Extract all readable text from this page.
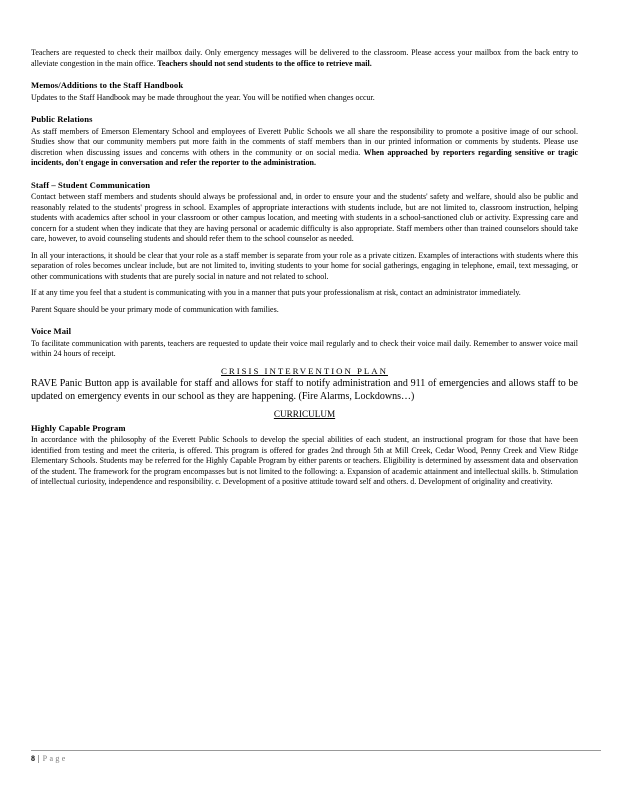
Teachers are requested to check their mailbox daily. Only emergency messages will be delivered to the classroom. Please access your mailbox from the back entry to alleviate congestion in the main office. Teachers should not send students to the office to retrieve mail.

Memos/Additions to the Staff Handbook

Updates to the Staff Handbook may be made throughout the year. You will be notified when changes occur.

Public Relations

As staff members of Emerson Elementary School and employees of Everett Public Schools we all share the responsibility to promote a positive image of our school. Studies show that our community members put more faith in the comments of staff members than in our printed information or comments by students. Please use discretion when discussing issues and concerns with others in the community or on social media. When approached by reporters regarding sensitive or tragic incidents, don't engage in conversation and refer the reporter to the administration.

Staff – Student Communication

Contact between staff members and students should always be professional and, in order to ensure your and the students' safety and welfare, should also be public and reasonably related to the students' progress in school. Examples of appropriate interactions with students include, but are not limited to, classroom instruction, helping students with academics after school in your classroom or other campus location, and meeting with students in a school-sanctioned club or activity. Expressing care and concern for a student when they indicate that they are having personal or academic difficulty is also appropriate. Staff members other than trained counselors should take care, however, to avoid counseling students and should refer them to the school counselor as needed.

In all your interactions, it should be clear that your role as a staff member is separate from your role as a private citizen. Examples of interactions with students where this separation of roles becomes unclear include, but are not limited to, inviting students to your home for social gatherings, engaging in telephone, email, text messaging, or other communications with students that are purely social in nature and not related to school.

If at any time you feel that a student is communicating with you in a manner that puts your professionalism at risk, contact an administrator immediately.

Parent Square should be your primary mode of communication with families.

Voice Mail

To facilitate communication with parents, teachers are requested to update their voice mail regularly and to check their voice mail daily. Remember to answer voice mail within 24 hours of receipt.

CRISIS INTERVENTION PLAN

RAVE Panic Button app is available for staff and allows for staff to notify administration and 911 of emergencies and allows staff to be updated on emergency events in our school as they are happening. (Fire Alarms, Lockdowns…)

CURRICULUM
Highly Capable Program

In accordance with the philosophy of the Everett Public Schools to develop the special abilities of each student, an instructional program for those that have been identified from testing and meet the criteria, is offered. This program is offered for grades 2nd through 5th at Mill Creek, Cedar Wood, Penny Creek and View Ridge Elementary Schools. Students may be referred for the Highly Capable Program by either parents or teachers. Eligibility is determined by assessment data and observation of the student. The framework for the program encompasses but is not limited to the following: a. Expansion of academic attainment and intellectual skills. b. Stimulation of intellectual curiosity, independence and responsibility. c. Development of a positive attitude toward self and others. d. Development of originality and creativity.

8 | Page
